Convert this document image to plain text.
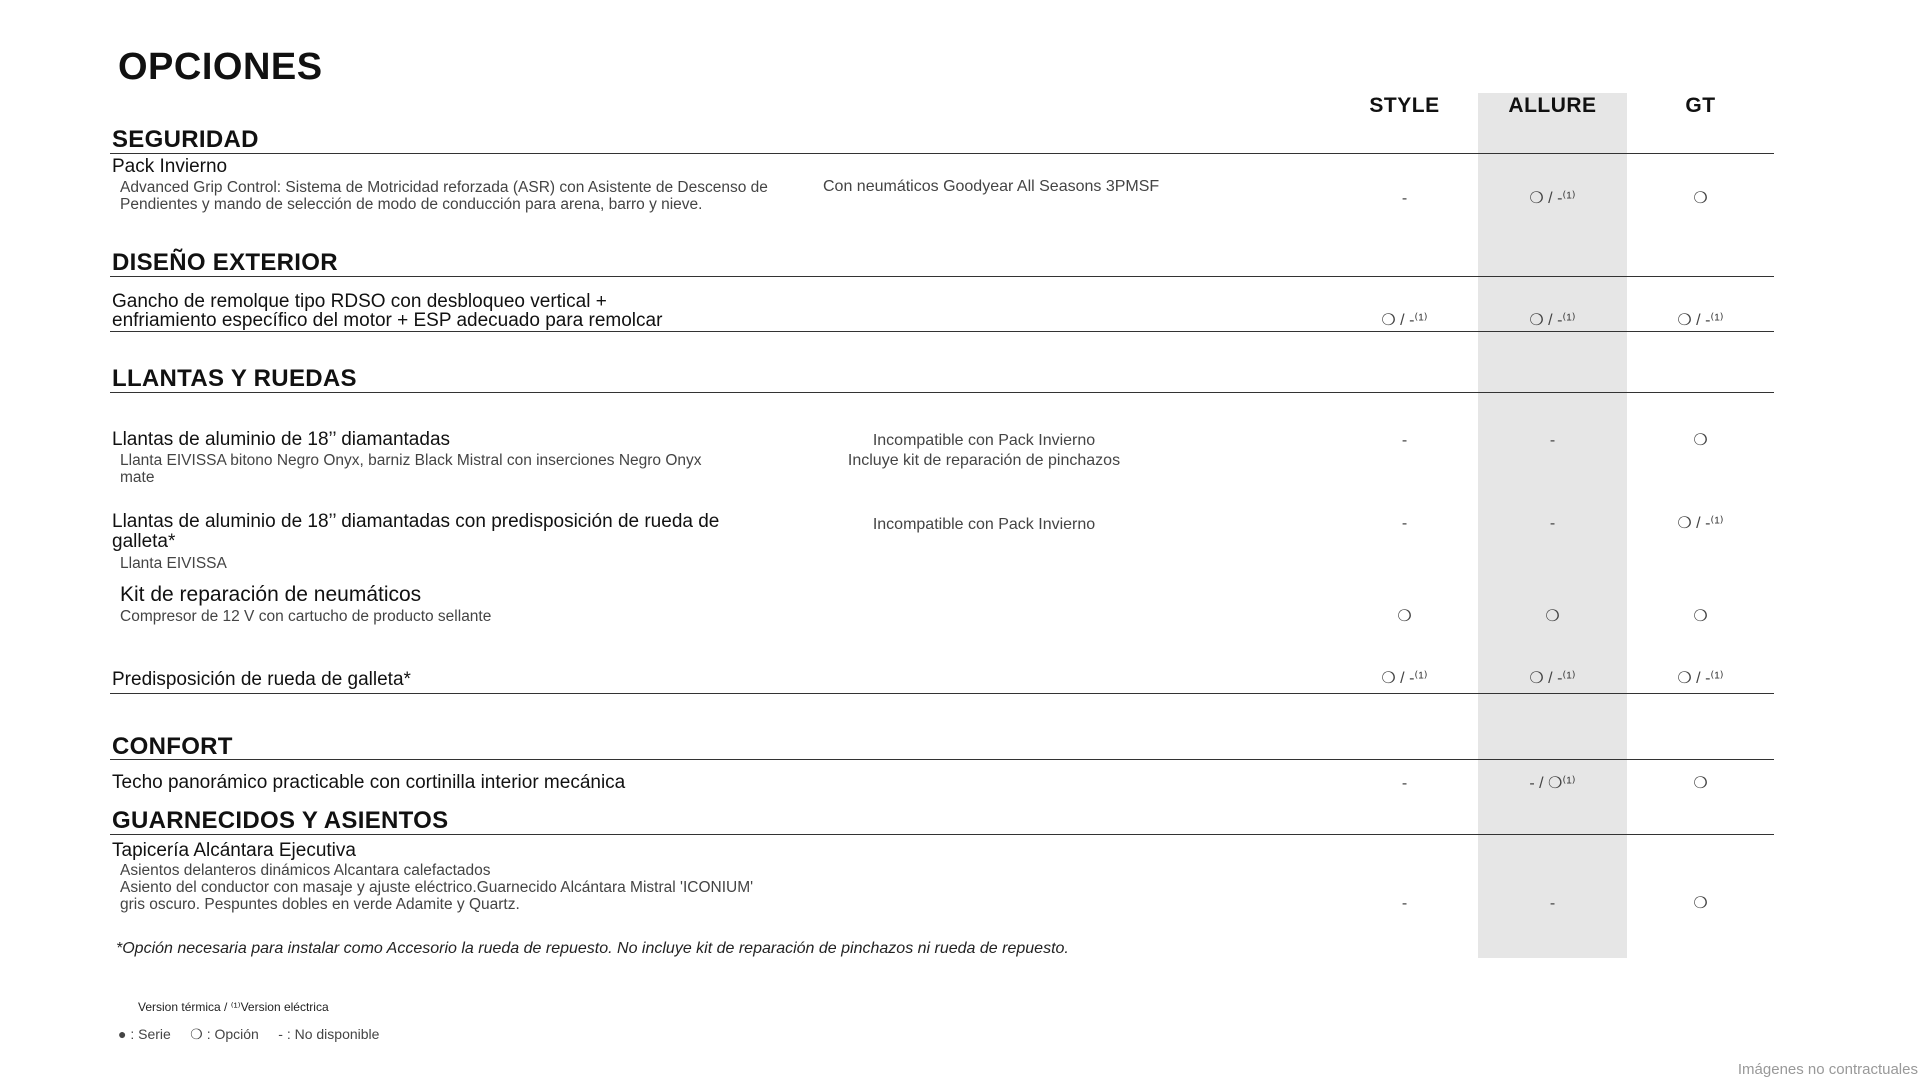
OPCIONES
STYLE	ALLURE	GT
SEGURIDAD
Pack Invierno
Advanced Grip Control: Sistema de Motricidad reforzada (ASR) con Asistente de Descenso de Pendientes y mando de selección de modo de conducción para arena, barro y nieve.
Con neumáticos Goodyear All Seasons 3PMSF
-	❍ / -⁽¹⁾	❍
DISEÑO EXTERIOR
Gancho de remolque tipo RDSO con desbloqueo vertical +
enfriamiento específico del motor + ESP adecuado para remolcar	❍ / -⁽¹⁾	❍ / -⁽¹⁾	❍ / -⁽¹⁾
LLANTAS Y RUEDAS
Llantas de aluminio de 18’’ diamantadas
Llanta EIVISSA bitono Negro Onyx, barniz Black Mistral con inserciones Negro Onyx mate
Incompatible con Pack Invierno
Incluye kit de reparación de pinchazos
-	-	❍
Llantas de aluminio de 18’’ diamantadas con predisposición de rueda de galleta*
Llanta EIVISSA
Incompatible con Pack Invierno	-	-	❍ / -⁽¹⁾
Kit de reparación de neumáticos
Compresor de 12 V con cartucho de producto sellante	❍	❍	❍
Predisposición de rueda de galleta*	❍ / -⁽¹⁾	❍ / -⁽¹⁾	❍ / -⁽¹⁾
CONFORT
Techo panorámico practicable con cortinilla interior mecánica	-	- / ❍⁽¹⁾	❍
GUARNECIDOS Y ASIENTOS
Tapicería Alcántara Ejecutiva
Asientos delanteros dinámicos Alcantara calefactados
Asiento del conductor con masaje y ajuste eléctrico.Guarnecido Alcántara Mistral 'ICONIUM' gris oscuro. Pespuntes dobles en verde Adamite y Quartz.	-	-	❍
*Opción necesaria para instalar como Accesorio la rueda de repuesto. No incluye kit de reparación de pinchazos ni rueda de repuesto.
Version térmica / ⁽¹⁾Version eléctrica
● : Serie     ❍ : Opción     - : No disponible
Imágenes no contractuales
